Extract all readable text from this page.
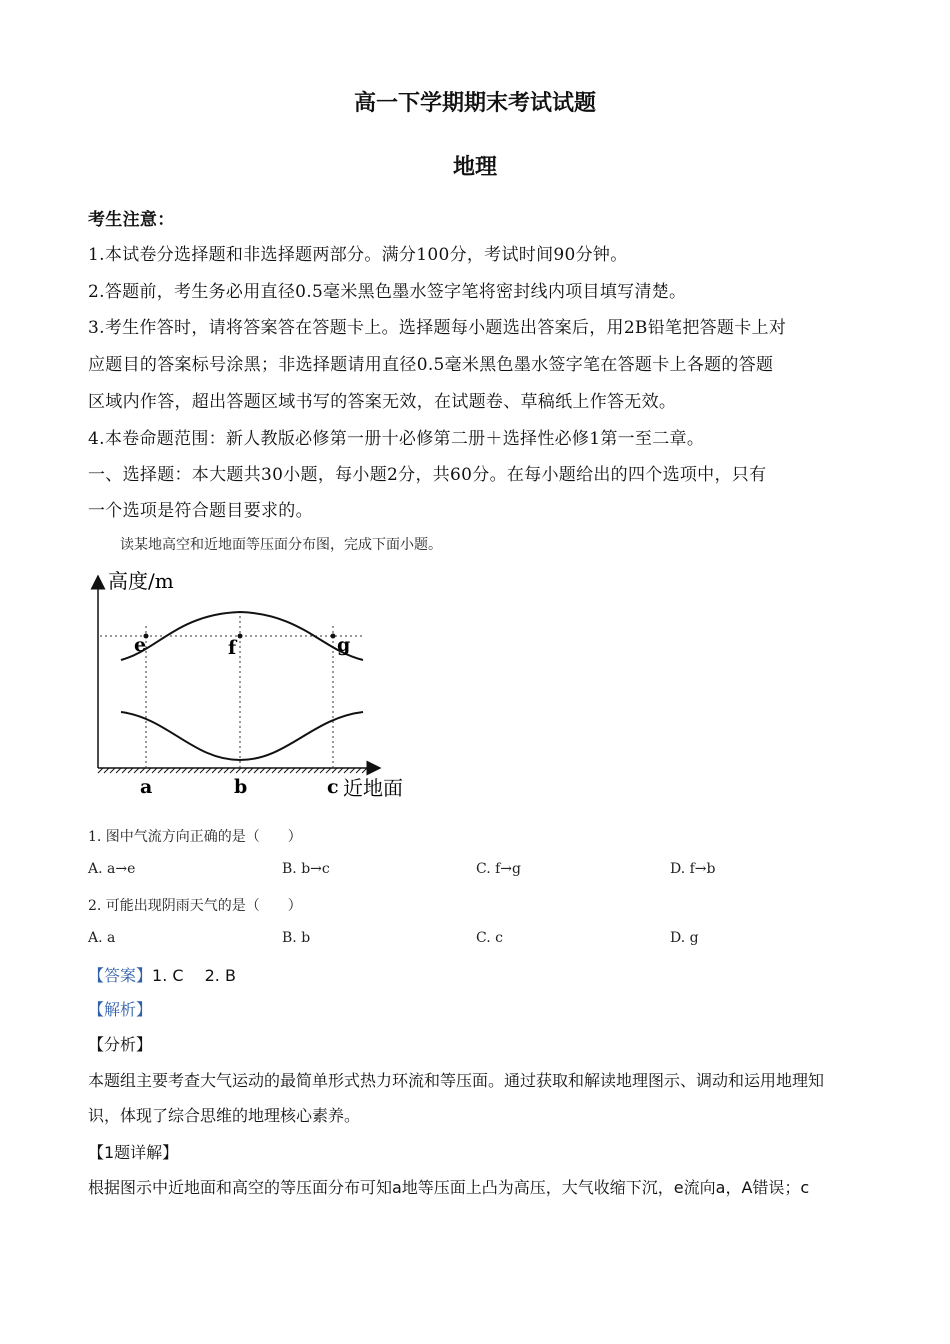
高一下学期期末考试试题
地理
考生注意：
1.本试卷分选择题和非选择题两部分。满分100分，考试时间90分钟。
2.答题前，考生务必用直径0.5毫米黑色墨水签字笔将密封线内项目填写清楚。
3.考生作答时，请将答案答在答题卡上。选择题每小题选出答案后，用2B铅笔把答题卡上对
应题目的答案标号涂黑；非选择题请用直径0.5毫米黑色墨水签字笔在答题卡上各题的答题
区域内作答，超出答题区域书写的答案无效，在试题卷、草稿纸上作答无效。
4.本卷命题范围：新人教版必修第一册十必修第二册＋选择性必修1第一至二章。
一、选择题：本大题共30小题，每小题2分，共60分。在每小题给出的四个选项中，只有
一个选项是符合题目要求的。
读某地高空和近地面等压面分布图，完成下面小题。
高度/m
e	f	g
a	b	c 近地面
1. 图中气流方向正确的是（　　）
A. a→e	B. b→c	C. f→g	D. f→b
2. 可能出现阴雨天气的是（　　）
A. a	B. b	C. c	D. g
【答案】1. C　 2. B
【解析】
【分析】
本题组主要考查大气运动的最简单形式热力环流和等压面。通过获取和解读地理图示、调动和运用地理知
识，体现了综合思维的地理核心素养。
【1题详解】
根据图示中近地面和高空的等压面分布可知a地等压面上凸为高压，大气收缩下沉，e流向a，A错误；c
